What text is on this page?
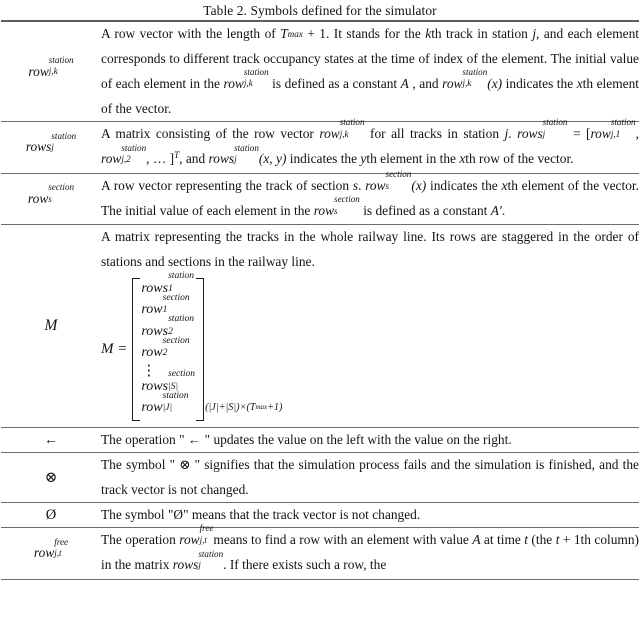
Table 2. Symbols defined for the simulator
row
station
j,k
	A row vector with the length of T max + 1. It stands for the kth track in station j, and each element corresponds to different track occupancy states at the time of index of the element. The initial value of each element in the row
station
j,k is defined as a constant A , and row
station
j,k (x) indicates the xth element of the vector.
rows
station
j
	A matrix consisting of the row vector row
station
j,k for all tracks in station j. rows
station
j = [row
station
j,1 ,row
station
j,2 , … ]$^T$, and rows
station
j (x, y) indicates the yth element in the xth row of the vector.
row
section
s
	A row vector representing the track of section s. row
section
s (x) indicates the xth element of the vector. The initial value of each element in the row
section
s is defined as a constant A′.
M	A matrix representing the tracks in the whole railway line. Its rows are staggered in the order of stations and sections in the railway line.
M =
rows
station
1
row
section
1
rows
station
2
row
section
2
⋮
rows
section
|S|
row
station
|J|	(|J|+|S|)×(T max +1)

←	The operation " ← " updates the value on the left with the value on the right.
⊗	The symbol " ⊗ " signifies that the simulation process fails and the simulation is finished, and the track vector is not changed.
Ø	The symbol "Ø" means that the track vector is not changed.
row
free
j,t
	The operation row
free
j,t means to find a row with an element with value A at time t (the t + 1th column) in the matrix rows
station
j . If there exists such a row, the
